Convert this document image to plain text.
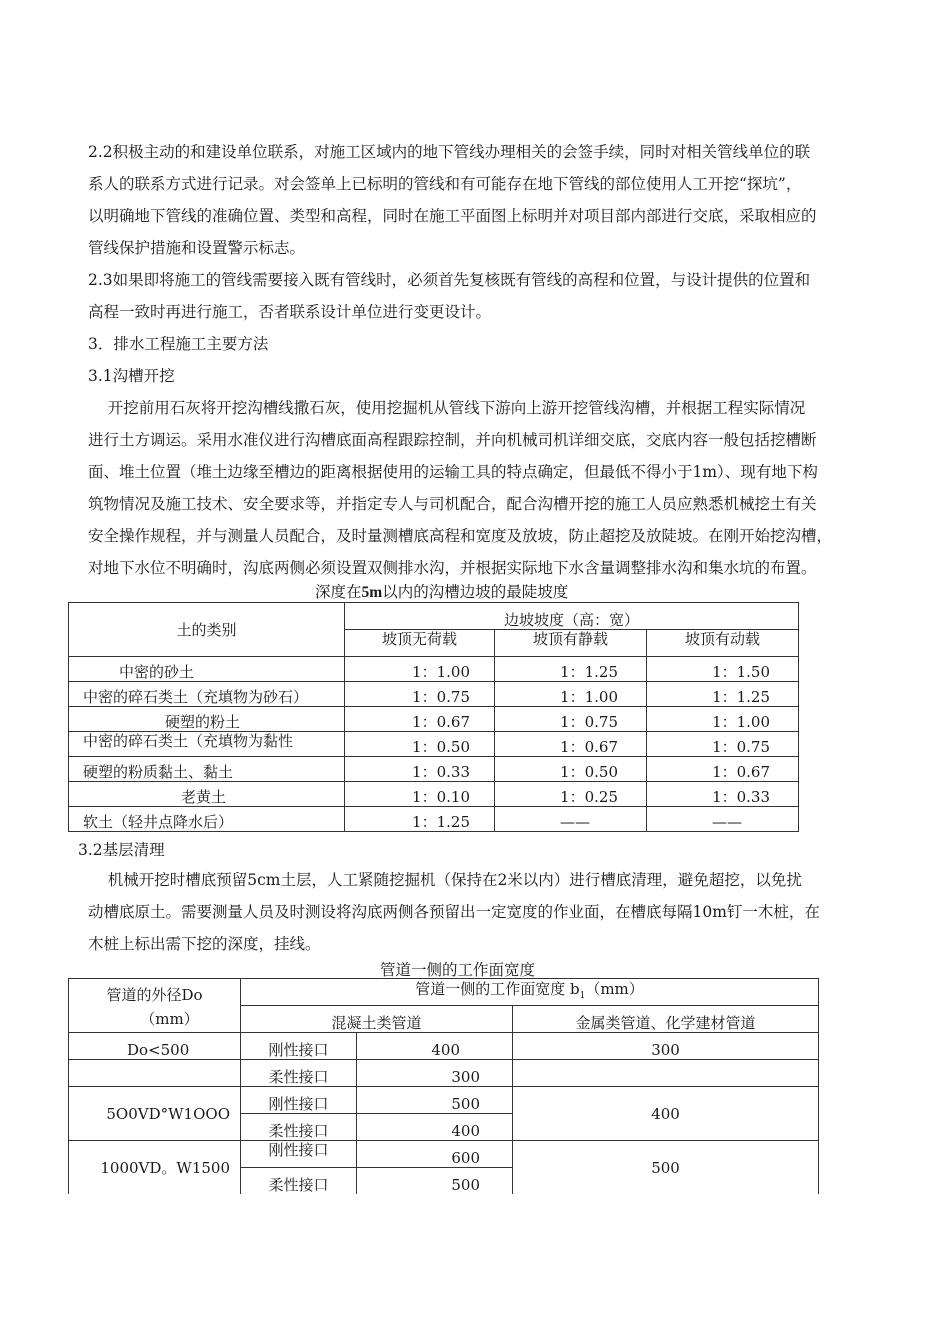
2.2积极主动的和建设单位联系，对施工区域内的地下管线办理相关的会签手续，同时对相关管线单位的联
系人的联系方式进行记录。对会签单上已标明的管线和有可能存在地下管线的部位使用人工开挖“探坑”，
以明确地下管线的准确位置、类型和高程，同时在施工平面图上标明并对项目部内部进行交底，采取相应的
管线保护措施和设置警示标志。
2.3如果即将施工的管线需要接入既有管线时，必须首先复核既有管线的高程和位置，与设计提供的位置和
高程一致时再进行施工，否者联系设计单位进行变更设计。
3．排水工程施工主要方法
3.1沟槽开挖
开挖前用石灰将开挖沟槽线撒石灰，使用挖掘机从管线下游向上游开挖管线沟槽，并根据工程实际情况
进行土方调运。采用水准仪进行沟槽底面高程跟踪控制，并向机械司机详细交底，交底内容一般包括挖槽断
面、堆土位置（堆土边缘至槽边的距离根据使用的运输工具的特点确定，但最低不得小于1m）、现有地下构
筑物情况及施工技术、安全要求等，并指定专人与司机配合，配合沟槽开挖的施工人员应熟悉机械挖土有关
安全操作规程，并与测量人员配合，及时量测槽底高程和宽度及放坡，防止超挖及放陡坡。在刚开始挖沟槽，
对地下水位不明确时，沟底两侧必须设置双侧排水沟，并根据实际地下水含量调整排水沟和集水坑的布置。
深度在5m以内的沟槽边坡的最陡坡度
土的类别	边坡坡度（高：宽）		
	坡顶无荷载	坡顶有静载	坡顶有动载
中密的砂土	1：1.00	1：1.25	1：1.50
中密的碎石类土（充填物为砂石）	1：0.75	1：1.00	1：1.25
硬塑的粉土	1：0.67	1：0.75	1：1.00
中密的碎石类土（充填物为黏性	1：0.50	1：0.67	1：0.75
硬塑的粉质黏土、黏土	1：0.33	1：0.50	1：0.67
老黄土	1：0.10	1：0.25	1：0.33
软土（轻井点降水后）	1：1.25	——	——
3.2基层清理
机械开挖时槽底预留5cm土层，人工紧随挖掘机（保持在2米以内）进行槽底清理，避免超挖，以免扰
动槽底原土。需要测量人员及时测设将沟底两侧各预留出一定宽度的作业面，在槽底每隔10m钉一木桩，在
木桩上标出需下挖的深度，挂线。
管道一侧的工作面宽度
管道的外径Do
（mm）	管道一侧的工作面宽度 $b_1(mm)$		
	混凝土类管道		金属类管道、化学建材管道
Do<500	刚性接口	400	300
	柔性接口	300	
5O0VD°W1OOO	刚性接口	500	400
	柔性接口	400	
1000VD。W1500	刚性接口	600	500
	柔性接口	500	
